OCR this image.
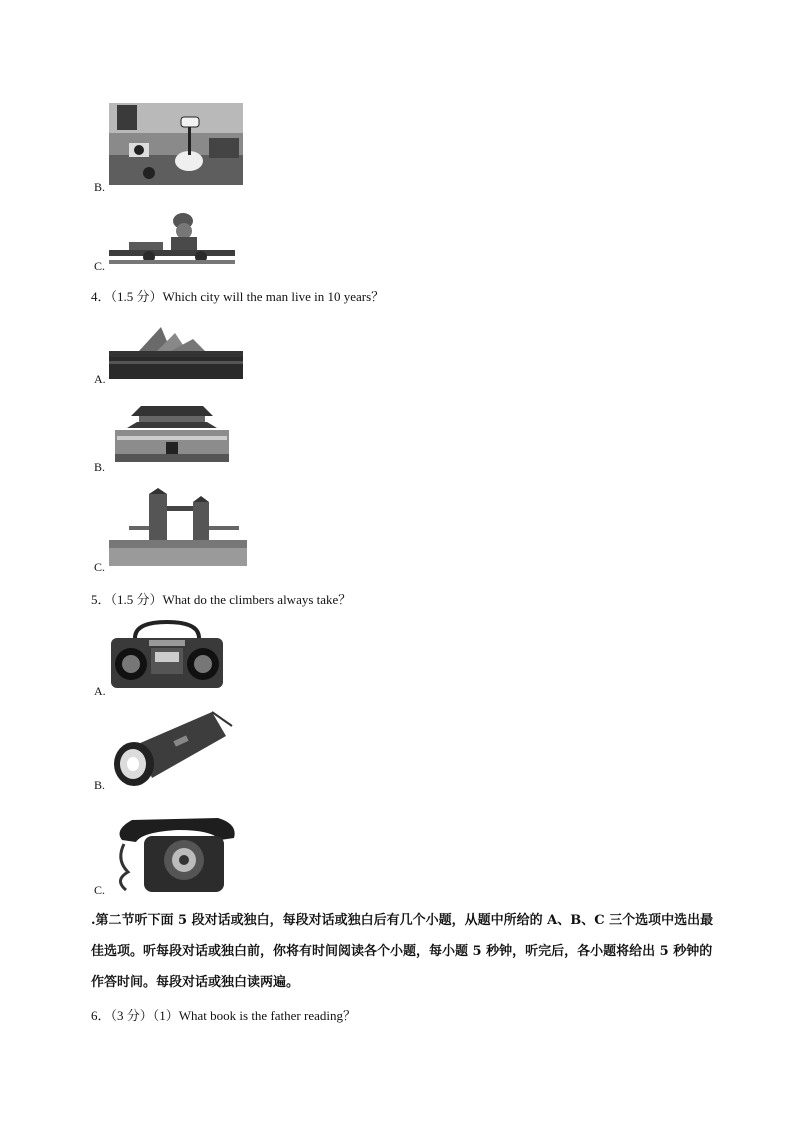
B.
C.
4．（1.5 分）Which city will the man live in 10 years？
A.
B.
C.
5．（1.5 分）What do the climbers always take？
A.
B.
C.
.第二节听下面 5 段对话或独白，每段对话或独白后有几个小题，从题中所给的 A、B、C 三个选项中选出最佳选项。听每段对话或独白前，你将有时间阅读各个小题，每小题 5 秒钟，听完后，各小题将给出 5 秒钟的作答时间。每段对话或独白读两遍。
6．（3 分）（1）What book is the father reading？
